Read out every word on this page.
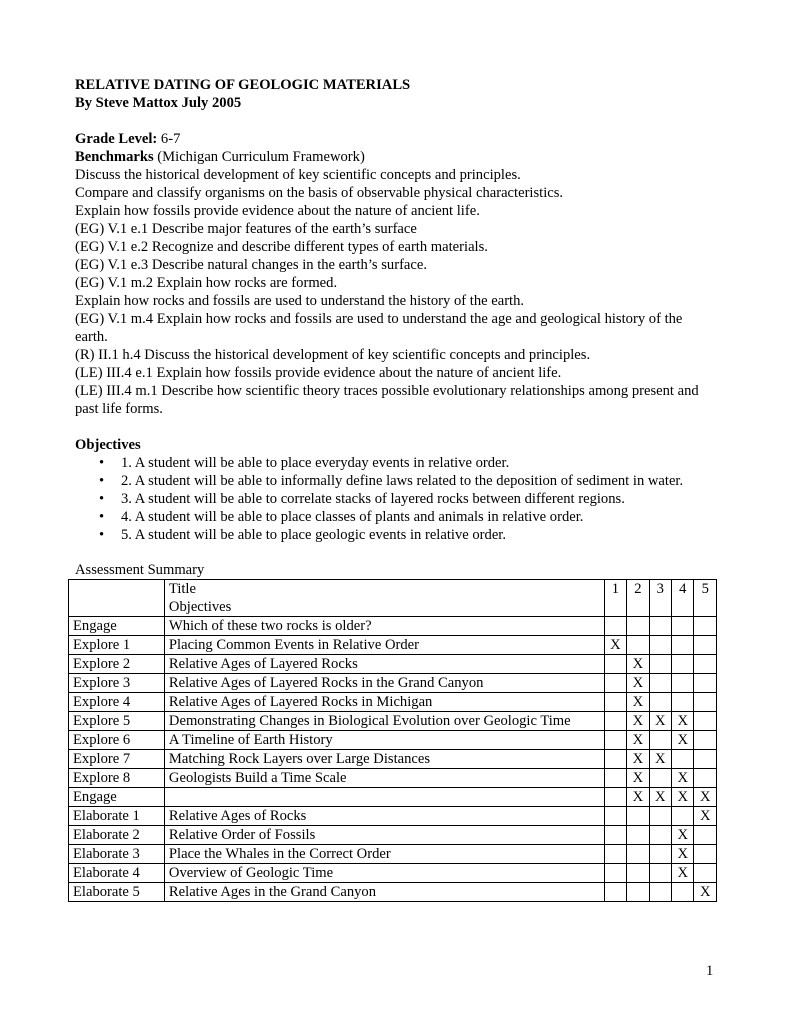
RELATIVE DATING OF GEOLOGIC MATERIALS

By Steve Mattox July 2005

Grade Level: 6-7

Benchmarks (Michigan Curriculum Framework)

Discuss the historical development of key scientific concepts and principles.

Compare and classify organisms on the basis of observable physical characteristics.

Explain how fossils provide evidence about the nature of ancient life.

(EG) V.1 e.1 Describe major features of the earth’s surface

(EG) V.1 e.2 Recognize and describe different types of earth materials.

(EG) V.1 e.3 Describe natural changes in the earth’s surface.

(EG) V.1 m.2 Explain how rocks are formed.

Explain how rocks and fossils are used to understand the history of the earth.

(EG) V.1 m.4 Explain how rocks and fossils are used to understand the age and geological history of the earth.

(R) II.1 h.4 Discuss the historical development of key scientific concepts and principles.

(LE) III.4 e.1 Explain how fossils provide evidence about the nature of ancient life.

(LE) III.4 m.1 Describe how scientific theory traces possible evolutionary relationships among present and past life forms.

Objectives

• 1. A student will be able to place everyday events in relative order.
• 2. A student will be able to informally define laws related to the deposition of sediment in water.
• 3. A student will be able to correlate stacks of layered rocks between different regions.
• 4. A student will be able to place classes of plants and animals in relative order.
• 5. A student will be able to place geologic events in relative order.

Assessment Summary

	Title
Objectives	1	2	3	4	5
Engage	Which of these two rocks is older?					
Explore 1	Placing Common Events in Relative Order	X				
Explore 2	Relative Ages of Layered Rocks		X			
Explore 3	Relative Ages of Layered Rocks in the Grand Canyon		X			
Explore 4	Relative Ages of Layered Rocks in Michigan		X			
Explore 5	Demonstrating Changes in Biological Evolution over Geologic Time		X	X	X	
Explore 6	A Timeline of Earth History		X		X	
Explore 7	Matching Rock Layers over Large Distances		X	X		
Explore 8	Geologists Build a Time Scale		X		X	
Engage			X	X	X	X
Elaborate 1	Relative Ages of Rocks					X
Elaborate 2	Relative Order of Fossils				X	
Elaborate 3	Place the Whales in the Correct Order				X	
Elaborate 4	Overview of Geologic Time				X	
Elaborate 5	Relative Ages in the Grand Canyon					X
1
